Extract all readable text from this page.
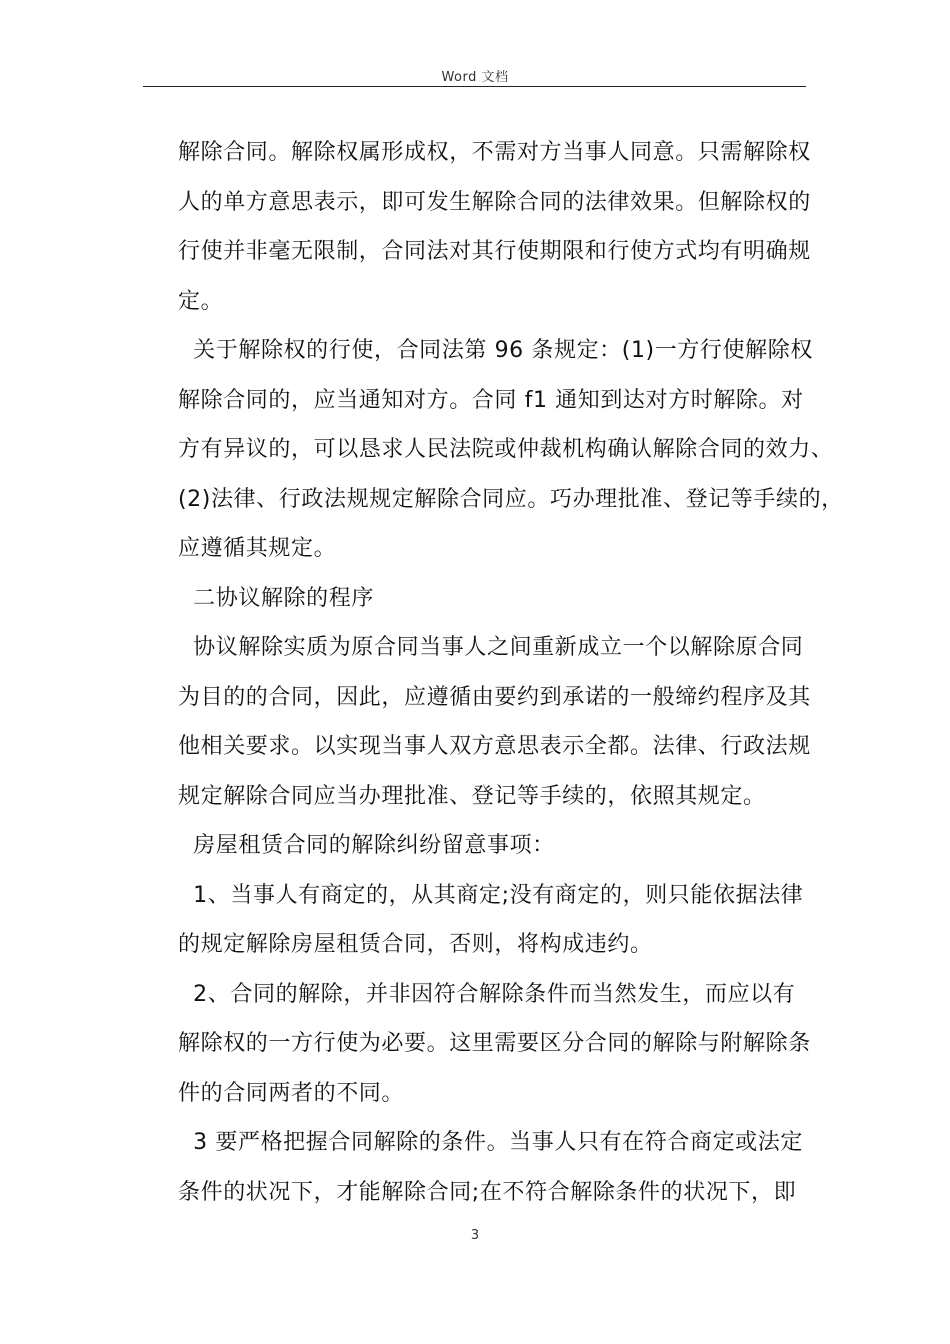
Word 文档
解除合同。解除权属形成权，不需对方当事人同意。只需解除权
人的单方意思表示，即可发生解除合同的法律效果。但解除权的
行使并非毫无限制，合同法对其行使期限和行使方式均有明确规
定。
关于解除权的行使，合同法第 96 条规定：(1)一方行使解除权
解除合同的，应当通知对方。合同 f1 通知到达对方时解除。对
方有异议的，可以恳求人民法院或仲裁机构确认解除合同的效力、
(2)法律、行政法规规定解除合同应。巧办理批准、登记等手续的，
应遵循其规定。
二协议解除的程序
协议解除实质为原合同当事人之间重新成立一个以解除原合同
为目的的合同，因此，应遵循由要约到承诺的一般缔约程序及其
他相关要求。以实现当事人双方意思表示全都。法律、行政法规
规定解除合同应当办理批准、登记等手续的，依照其规定。
房屋租赁合同的解除纠纷留意事项：
1、当事人有商定的，从其商定;没有商定的，则只能依据法律
的规定解除房屋租赁合同，否则，将构成违约。
2、合同的解除，并非因符合解除条件而当然发生，而应以有
解除权的一方行使为必要。这里需要区分合同的解除与附解除条
件的合同两者的不同。
3 要严格把握合同解除的条件。当事人只有在符合商定或法定
条件的状况下，才能解除合同;在不符合解除条件的状况下，即
3
